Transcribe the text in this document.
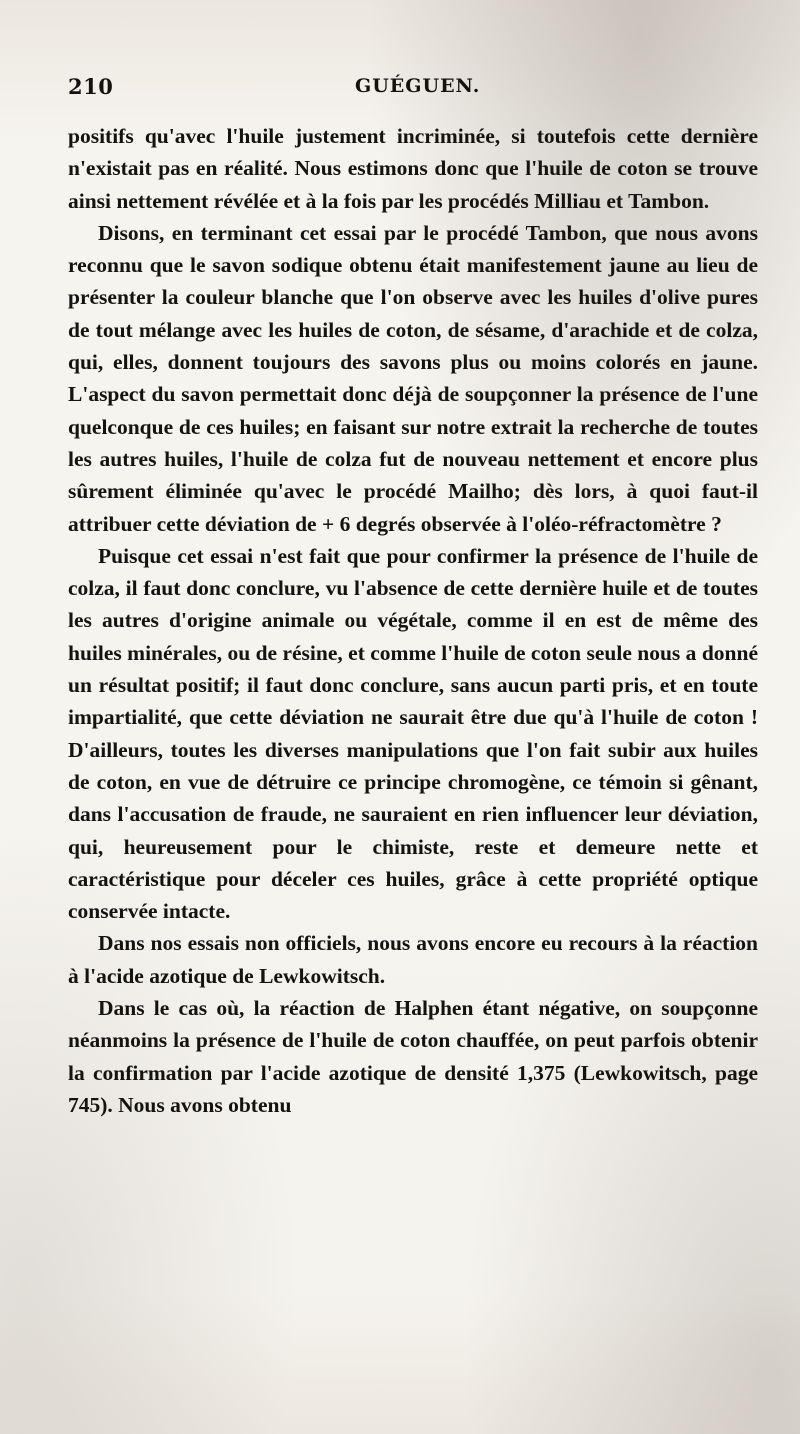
210	GUÉGUEN.

positifs qu'avec l'huile justement incriminée, si toutefois cette dernière n'existait pas en réalité. Nous estimons donc que l'huile de coton se trouve ainsi nettement révélée et à la fois par les procédés Milliau et Tambon.

Disons, en terminant cet essai par le procédé Tambon, que nous avons reconnu que le savon sodique obtenu était manifestement jaune au lieu de présenter la couleur blanche que l'on observe avec les huiles d'olive pures de tout mélange avec les huiles de coton, de sésame, d'arachide et de colza, qui, elles, donnent toujours des savons plus ou moins colorés en jaune. L'aspect du savon permettait donc déjà de soupçonner la présence de l'une quelconque de ces huiles; en faisant sur notre extrait la recherche de toutes les autres huiles, l'huile de colza fut de nouveau nettement et encore plus sûrement éliminée qu'avec le procédé Mailho; dès lors, à quoi faut-il attribuer cette déviation de + 6 degrés observée à l'oléo-réfractomètre ?

Puisque cet essai n'est fait que pour confirmer la présence de l'huile de colza, il faut donc conclure, vu l'absence de cette dernière huile et de toutes les autres d'origine animale ou végétale, comme il en est de même des huiles minérales, ou de résine, et comme l'huile de coton seule nous a donné un résultat positif; il faut donc conclure, sans aucun parti pris, et en toute impartialité, que cette déviation ne saurait être due qu'à l'huile de coton ! D'ailleurs, toutes les diverses manipulations que l'on fait subir aux huiles de coton, en vue de détruire ce principe chromogène, ce témoin si gênant, dans l'accusation de fraude, ne sauraient en rien influencer leur déviation, qui, heureusement pour le chimiste, reste et demeure nette et caractéristique pour déceler ces huiles, grâce à cette propriété optique conservée intacte.

Dans nos essais non officiels, nous avons encore eu recours à la réaction à l'acide azotique de Lewkowitsch.

Dans le cas où, la réaction de Halphen étant négative, on soupçonne néanmoins la présence de l'huile de coton chauffée, on peut parfois obtenir la confirmation par l'acide azotique de densité 1,375 (Lewkowitsch, page 745). Nous avons obtenu
